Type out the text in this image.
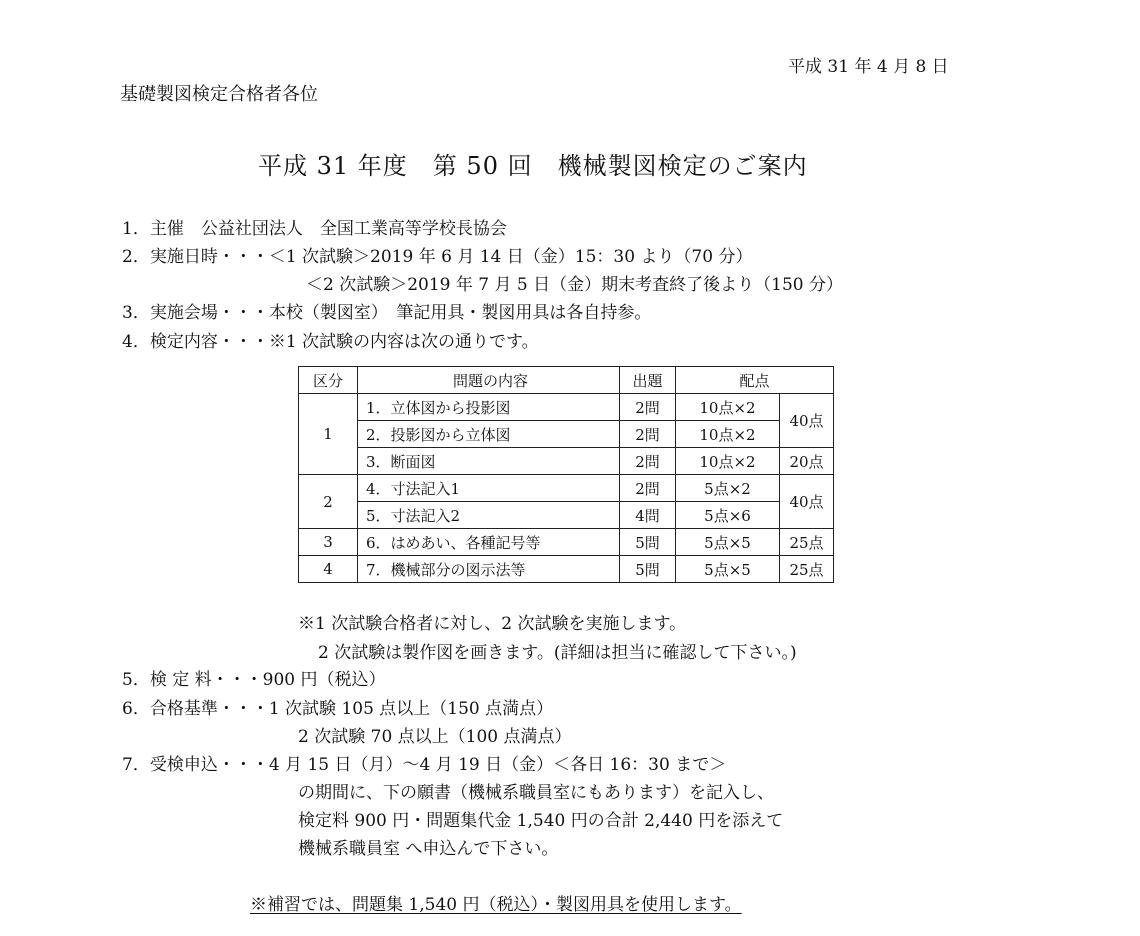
平成 31 年 4 月 8 日
基礎製図検定合格者各位
平成 31 年度　第 50 回　機械製図検定のご案内
1．主催　公益社団法人　全国工業高等学校長協会
2．実施日時・・・＜1 次試験＞2019 年 6 月 14 日（金）15：30 より（70 分）
＜2 次試験＞2019 年 7 月 5 日（金）期末考査終了後より（150 分）
3．実施会場・・・本校（製図室）　筆記用具・製図用具は各自持参。
4．検定内容・・・※1 次試験の内容は次の通りです。
区分	問題の内容	出題	配点	
1	1．立体図から投影図	2問	10点×2	40点
	2．投影図から立体図	2問	10点×2	
	3．断面図	2問	10点×2	20点
2	4．寸法記入1	2問	5点×2	40点
	5．寸法記入2	4問	5点×6	
3	6．はめあい、各種記号等	5問	5点×5	25点
4	7．機械部分の図示法等	5問	5点×5	25点
※1 次試験合格者に対し、2 次試験を実施します。
2 次試験は製作図を画きます。(詳細は担当に確認して下さい。)
5．検 定 料・・・900 円（税込）
6．合格基準・・・1 次試験 105 点以上（150 点満点）
2 次試験 70 点以上（100 点満点）
7．受検申込・・・4 月 15 日（月）～4 月 19 日（金）＜各日 16：30 まで＞
の期間に、下の願書（機械系職員室にもあります）を記入し、
検定料 900 円・問題集代金 1,540 円の合計 2,440 円を添えて
機械系職員室 へ申込んで下さい。
※補習では、問題集 1,540 円（税込）・製図用具を使用します。
